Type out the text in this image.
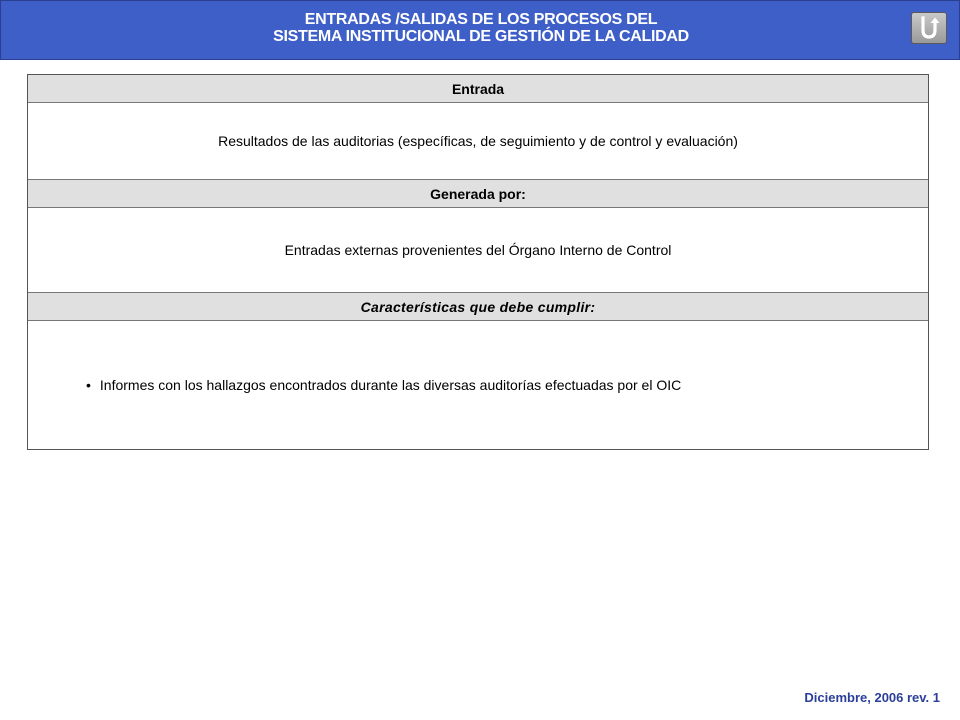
ENTRADAS /SALIDAS DE LOS PROCESOS DEL
SISTEMA INSTITUCIONAL DE GESTIÓN DE LA CALIDAD
Entrada
Resultados de las auditorias (específicas, de seguimiento y de control y evaluación)
Generada por:
Entradas externas provenientes del Órgano Interno de Control
Características que debe cumplir:
• Informes con los hallazgos encontrados durante las diversas auditorías efectuadas por el OIC
Diciembre, 2006 rev. 1
